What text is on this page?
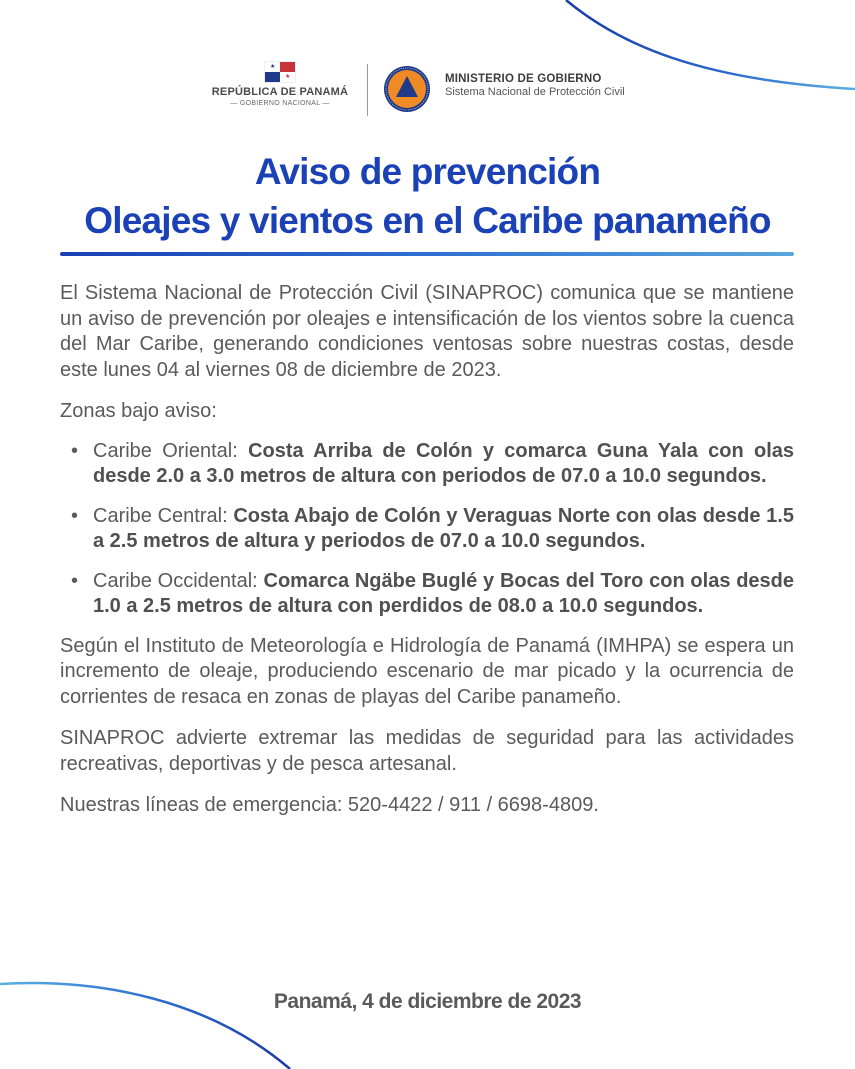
★
★
REPÚBLICA DE PANAMÁ
— GOBIERNO NACIONAL —
MINISTERIO DE GOBIERNO
Sistema Nacional de Protección Civil
Aviso de prevención
Oleajes y vientos en el Caribe panameño

El Sistema Nacional de Protección Civil (SINAPROC) comunica que se mantiene un aviso de prevención por oleajes e intensificación de los vientos sobre la cuenca del Mar Caribe, generando condiciones ventosas sobre nuestras costas, desde este lunes 04 al viernes 08 de diciembre de 2023.

Zonas bajo aviso:

• Caribe Oriental: Costa Arriba de Colón y comarca Guna Yala con olas desde 2.0 a 3.0 metros de altura con periodos de 07.0 a 10.0 segundos.
• Caribe Central: Costa Abajo de Colón y Veraguas Norte con olas desde 1.5 a 2.5 metros de altura y periodos de 07.0 a 10.0 segundos.
• Caribe Occidental: Comarca Ngäbe Buglé y Bocas del Toro con olas desde 1.0 a 2.5 metros de altura con perdidos de 08.0 a 10.0 segundos.

Según el Instituto de Meteorología e Hidrología de Panamá (IMHPA) se espera un incremento de oleaje, produciendo escenario de mar picado y la ocurrencia de corrientes de resaca en zonas de playas del Caribe panameño.

SINAPROC advierte extremar las medidas de seguridad para las actividades recreativas, deportivas y de pesca artesanal.

Nuestras líneas de emergencia: 520-4422 / 911 / 6698-4809.

Panamá, 4 de diciembre de 2023
